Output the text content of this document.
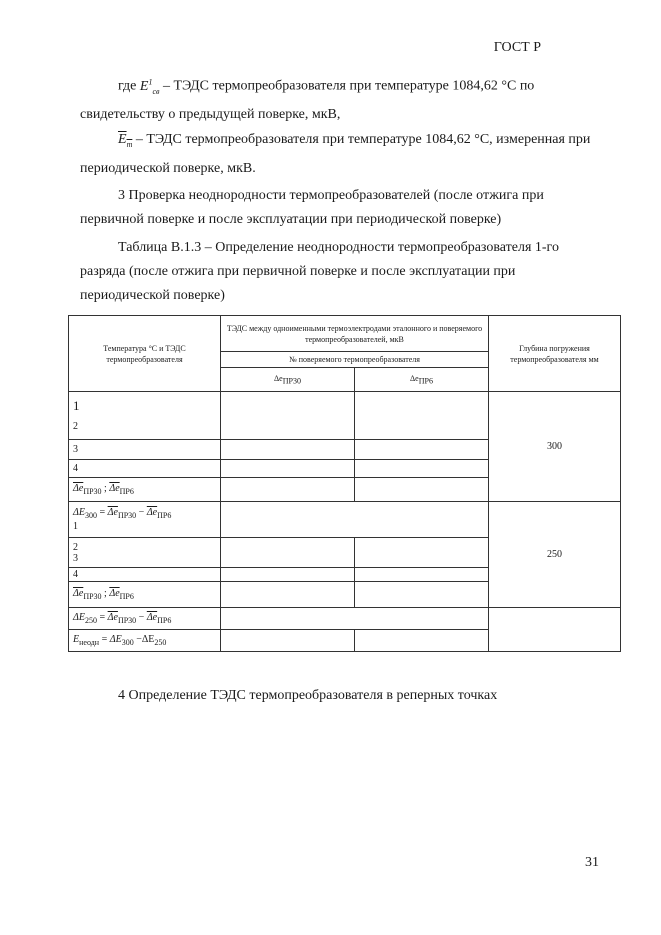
ГОСТ Р
где $E^1_{св}$ – ТЭДС термопреобразователя при температуре 1084,62 °С по свидетельству о предыдущей поверке, мкВ,
$E_т$ – ТЭДС термопреобразователя при температуре 1084,62 °С, измеренная при периодической поверке, мкВ.
3 Проверка неоднородности термопреобразователей (после отжига при первичной поверке и после эксплуатации при периодической поверке)
Таблица В.1.3 – Определение неоднородности термопреобразователя 1-го разряда (после отжига при первичной поверке и после эксплуатации при периодической поверке)
Температура °С и ТЭДС термопреобразователя	ТЭДС между одноименными термоэлектродами эталонного и поверяемого термопреобразователей, мкВ		Глубина погружения термопреобразователя мм
	№ поверяемого термопреобразователя		
	$\Delta e_{ПР30}$	$\Delta e_{ПР6}$

1
2			300
3			
4			
$\overline{\Delta e}_{ПР30}$ ; $\overline{\Delta e}_{ПР6}$		

$\Delta E_{300} = \overline{\Delta e}_{ПР30} - \overline{\Delta e}_{ПР6}$
1			250

2
3			

4			
$\overline{\Delta e}_{ПР30}$ ; $\overline{\Delta e}_{ПР6}$		
$\Delta E_{250} = \overline{\Delta e}_{ПР30} - \overline{\Delta e}_{ПР6}$		
$E_{неодн} = \Delta E_{300} -\Delta E_{250}$		
4 Определение ТЭДС термопреобразователя в реперных точках
31
